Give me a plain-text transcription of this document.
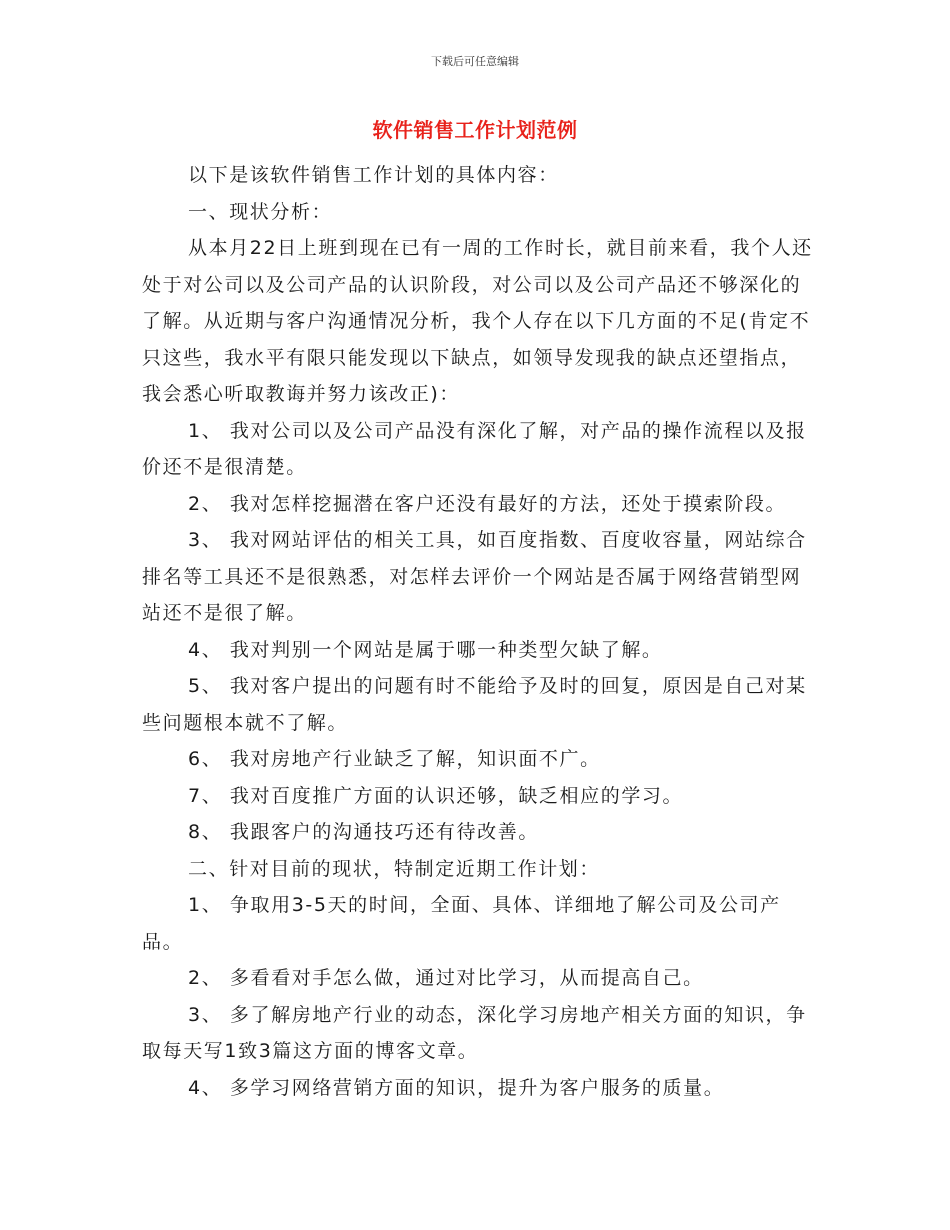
下载后可任意编辑
软件销售工作计划范例

以下是该软件销售工作计划的具体内容：

一、现状分析：

从本月22日上班到现在已有一周的工作时长，就目前来看，我个人还处于对公司以及公司产品的认识阶段，对公司以及公司产品还不够深化的了解。从近期与客户沟通情况分析，我个人存在以下几方面的不足(肯定不只这些，我水平有限只能发现以下缺点，如领导发现我的缺点还望指点，我会悉心听取教诲并努力该改正)：

1、 我对公司以及公司产品没有深化了解，对产品的操作流程以及报价还不是很清楚。

2、 我对怎样挖掘潜在客户还没有最好的方法，还处于摸索阶段。

3、 我对网站评估的相关工具，如百度指数、百度收容量，网站综合排名等工具还不是很熟悉，对怎样去评价一个网站是否属于网络营销型网站还不是很了解。

4、 我对判别一个网站是属于哪一种类型欠缺了解。

5、 我对客户提出的问题有时不能给予及时的回复，原因是自己对某些问题根本就不了解。

6、 我对房地产行业缺乏了解，知识面不广。

7、 我对百度推广方面的认识还够，缺乏相应的学习。

8、 我跟客户的沟通技巧还有待改善。

二、针对目前的现状，特制定近期工作计划：

1、 争取用3-5天的时间，全面、具体、详细地了解公司及公司产品。

2、 多看看对手怎么做，通过对比学习，从而提高自己。

3、 多了解房地产行业的动态，深化学习房地产相关方面的知识，争取每天写1致3篇这方面的博客文章。

4、 多学习网络营销方面的知识，提升为客户服务的质量。
